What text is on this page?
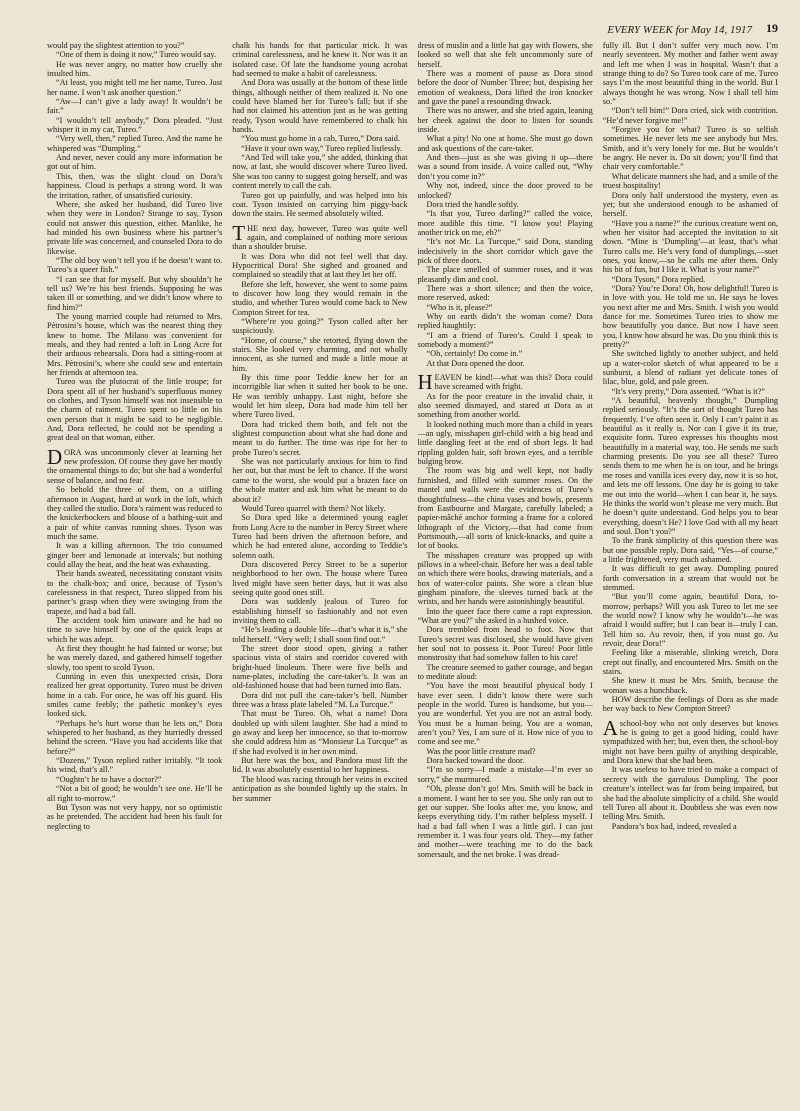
EVERY WEEK for May 14, 1917 19

would pay the slightest attention to you?”

“One of them is doing it now,” Tureo would say.

He was never angry, no matter how cruelly she insulted him.

“At least, you might tell me her name, Tureo. Just her name. I won’t ask another question.”

“Aw—I can’t give a lady away! It wouldn’t be fair.”

“I wouldn’t tell anybody,” Dora pleaded. “Just whisper it in my car, Tureo.”

“Very well, then,” replied Tureo. And the name he whispered was “Dumpling.”

And never, never could any more information be got out of him.

This, then, was the slight cloud on Dora’s happiness. Cloud is perhaps a strong word. It was the irritation, rather, of unsatisfied curiosity.

Where, she asked her husband, did Tureo live when they were in London? Strange to say, Tyson could not answer this question, either. Manlike, he had minded his own business where his partner’s private life was concerned, and counseled Dora to do likewise.

“The old boy won’t tell you if he doesn’t want to. Tureo’s a queer fish.”

“I can see that for myself. But why shouldn’t he tell us? We’re his best friends. Supposing he was taken ill or something, and we didn’t know where to find him?”

The young married couple had returned to Mrs. Pètrosini’s house, which was the nearest thing they knew to home. The Milano was convenient for meals, and they had rented a loft in Long Acre for their arduous rehearsals. Dora had a sitting-room at Mrs. Pètrosini’s, where she could sew and entertain her friends at afternoon tea.

Tureo was the plutocrat of the little troupe; for Dora spent all of her husband’s superfluous money on clothes, and Tyson himself was not insensible to the charm of raiment. Tureo spent so little on his own person that it might be said to be negligible. And, Dora reflected, he could not be spending a great deal on that woman, either.

DORA was uncommonly clever at learning her new profession. Of course they gave her mostly the ornamental things to do; but she had a wonderful sense of balance, and no fear.

So behold the three of them, on a stifling afternoon in August, hard at work in the loft, which they called the studio. Dora’s raiment was reduced to the knickerbockers and blouse of a bathing-suit and a pair of white canvas running shoes. Tyson was much the same.

It was a killing afternoon. The trio consumed ginger beer and lemonade at intervals; but nothing could allay the heat, and the heat was exhausting.

Their hands sweated, necessitating constant visits to the chalk-box; and once, because of Tyson’s carelessness in that respect, Tureo slipped from his partner’s grasp when they were swinging from the trapeze, and had a bad fall.

The accident took him unaware and he had no time to save himself by one of the quick leaps at which he was adept.

At first they thought he had fainted or worse; but he was merely dazed, and gathered himself together slowly, too spent to scold Tyson.

Cunning in even this unexpected crisis, Dora realized her great opportunity. Tureo must be driven home in a cab. For once, he was off his guard. His smiles came feebly; the pathetic monkey’s eyes looked sick.

“Perhaps he’s hurt worse than he lets on,” Dora whispered to her husband, as they hurriedly dressed behind the screen. “Have you had accidents like that before?”

“Dozens,” Tyson replied rather irritably. “It took his wind, that’s all.”

“Oughtn’t he to have a doctor?”

“Not a bit of good; he wouldn’t see one. He’ll be all right to-morrow.”

But Tyson was not very happy, nor so optimistic as he pretended. The accident had been his fault for neglecting to

chalk his hands for that particular trick. It was criminal carelessness, and he knew it. Nor was it an isolated case. Of late the handsome young acrobat had seemed to make a habit of carelessness.

And Dora was usually at the bottom of these little things, although neither of them realized it. No one could have blamed her for Tureo’s fall; but if she had not claimed his attention just as he was getting ready, Tyson would have remembered to chalk his hands.

“You must go home in a cab, Tureo,” Dora said.

“Have it your own way,” Tureo replied listlessly.

“And Ted will take you,” she added, thinking that now, at last, she would discover where Tureo lived. She was too canny to suggest going herself, and was content merely to call the cab.

Tureo got up painfully, and was helped into his coat. Tyson insisted on carrying him piggy-back down the stairs. He seemed absolutely wilted.

THE next day, however, Tureo was quite well again, and complained of nothing more serious than a shoulder bruise.

It was Dora who did not feel well that day. Hypocritical Dora! She sighed and groaned and complained so steadily that at last they let her off.

Before she left, however, she went to some pains to discover how long they would remain in the studio, and whether Tureo would come back to New Compton Street for tea.

“Where’re you going?” Tyson called after her suspiciously.

“Home, of course,” she retorted, flying down the stairs. She looked very charming, and not wholly innocent, as she turned and made a little moue at him.

By this time poor Teddie knew her for an incorrigible liar when it suited her book to be one. He was terribly unhappy. Last night, before she would let him sleep, Dora had made him tell her where Tureo lived.

Dora had tricked them both, and felt not the slightest compunction about what she had done and meant to do further. The time was ripe for her to probe Tureo’s secret.

She was not particularly anxious for him to find her out, but that must be left to chance. If the worst came to the worst, she would put a brazen face on the whole matter and ask him what he meant to do about it?

Would Tureo quarrel with them? Not likely.

So Dora sped like a determined young eaglet from Long Acre to the number in Percy Street where Tureo had been driven the afternoon before, and which he had entered alone, according to Teddie’s solemn oath.

Dora discovered Percy Street to be a superior neighborhood to her own. The house where Tureo lived might have seen better days, but it was also seeing quite good ones still.

Dora was suddenly jealous of Tureo for establishing himself so fashionably and not even inviting them to call.

“He’s leading a double life—that’s what it is,” she told herself. “Very well; I shall soon find out.”

The street door stood open, giving a rather spacious vista of stairs and corridor covered with bright-hued linoleum. There were five bells and name-plates, including the care-taker’s. It was an old-fashioned house that had been turned into flats.

Dora did not pull the care-taker’s bell. Number three was a brass plate labeled “M. La Turcque.”

That must be Tureo. Oh, what a name! Dora doubled up with silent laughter. She had a mind to go away and keep her innocence, so that to-morrow she could address him as “Monsieur La Turcque” as if she had evolved it in her own mind.

But here was the box, and Pandora must lift the lid. It was absolutely essential to her happiness.

The blood was racing through her veins in excited anticipation as she bounded lightly up the stairs. In her summer

dress of muslin and a little hat gay with flowers, she looked so well that she felt uncommonly sure of herself.

There was a moment of pause as Dora stood before the door of Number Three; but, despising her emotion of weakness, Dora lifted the iron knocker and gave the panel a resounding thwack.

There was no answer, and she tried again, leaning her cheek against the door to listen for sounds inside.

What a pity! No one at home. She must go down and ask questions of the care-taker.

And then—just as she was giving it up—there was a sound from inside. A voice called out, “Why don’t you come in?”

Why not, indeed, since the door proved to be unlocked?

Dora tried the handle softly.

“Is that you, Tureo darling?” called the voice, more audible this time. “I know you! Playing another trick on me, eh?”

“It’s not Mr. La Turcque,” said Dora, standing indecisively in the short corridor which gave the pick of three doors.

The place smelled of summer roses, and it was pleasantly dim and cool.

There was a short silence; and then the voice, more reserved, asked:

“Who is it, please?”

Why on earth didn’t the woman come? Dora replied haughtily:

“I am a friend of Tureo’s. Could I speak to somebody a moment?”

“Oh, certainly! Do come in.”

At that Dora opened the door.

HEAVEN be kind!—what was this? Dora could have screamed with fright.

As for the poor creature in the invalid chair, it also seemed dismayed, and stared at Dora as at something from another world.

It looked nothing much more than a child in years—an ugly, misshapen girl-child with a big head and little dangling feet at the end of short legs. It had rippling golden hair, soft brown eyes, and a terrible bulging brow.

The room was big and well kept, not badly furnished, and filled with summer roses. On the mantel and walls were the evidences of Tureo’s thoughtfulness—the china vases and bowls, presents from Eastbourne and Margate, carefully labeled; a papier-mâché anchor forming a frame for a colored lithograph of the Victory,—that had come from Portsmouth,—all sorts of knick-knacks, and quite a lot of books.

The misshapen creature was propped up with pillows in a wheel-chair. Before her was a deal table on which there were books, drawing materials, and a box of water-color paints. She wore a clean blue gingham pinafore, the sleeves turned back at the wrists, and her hands were astonishingly beautiful.

Into the queer face there came a rapt expression. “What are you?” she asked in a hushed voice.

Dora trembled from head to foot. Now that Tureo’s secret was disclosed, she would have given her soul not to possess it. Poor Tureo! Poor little monstrosity that had somehow fallen to his care!

The creature seemed to gather courage, and began to meditate aloud:

“You have the most beautiful physical body I have ever seen. I didn’t know there were such people in the world. Tureo is handsome, but you—you are wonderful. Yet you are not an astral body. You must be a human being. You are a woman, aren’t you? Yes, I am sure of it. How nice of you to come and see me.”

Was the poor little creature mad?

Dora backed toward the door.

“I’m so sorry—I made a mistake—I’m ever so sorry,” she murmured.

“Oh, please don’t go! Mrs. Smith will be back in a moment. I want her to see you. She only ran out to get our supper. She looks after me, you know, and keeps everything tidy. I’m rather helpless myself. I had a bad fall when I was a little girl. I can just remember it. I was four years old. They—my father and mother—were teaching me to do the back somersault, and the net broke. I was dread-

fully ill. But I don’t suffer very much now. I’m nearly seventeen. My mother and father went away and left me when I was in hospital. Wasn’t that a strange thing to do? So Tureo took care of me. Tureo says I’m the most beautiful thing in the world. But I always thought he was wrong. Now I shall tell him so.”

“Don’t tell him!” Dora cried, sick with contrition. “He’d never forgive me!”

“Forgive you for what? Tureo is so selfish sometimes. He never lets me see anybody but Mrs. Smith, and it’s very lonely for me. But he wouldn’t be angry. He never is. Do sit down; you’ll find that chair very comfortable.”

What delicate manners she had, and a smile of the truest hospitality!

Dora only half understood the mystery, even as yet; but she understood enough to be ashamed of herself.

“Have you a name?” the curious creature went on, when her visitor had accepted the invitation to sit down. “Mine is ‘Dumpling’—at least, that’s what Tureo calls me. He’s very fond of dumplings,—suet ones, you know,—so he calls me after them. Only his bit of fun, but I like it. What is your name?”

“Dora Tyson,” Dora replied.

“Dora? You’re Dora! Oh, how delightful! Tureo is in love with you. He told me so. He says he loves you next after me and Mrs. Smith. I wish you would dance for me. Sometimes Tureo tries to show me how beautifully you dance. But now I have seen you, I know how absurd he was. Do you think this is pretty?”

She switched lightly to another subject, and held up a water-color sketch of what appeared to be a sunburst, a blend of radiant yet delicate tones of lilac, blue, gold, and pale green.

“It’s very pretty,” Dora assented. “What is it?”

“A beautiful, heavenly thought,” Dumpling replied seriously. “It’s the sort of thought Tureo has frequently. I’ve often seen it. Only I can’t paint it as beautiful as it really is. Nor can I give it its true, exquisite form. Tureo expresses his thoughts most beautifully in a material way, too. He sends me such charming presents. Do you see all these? Tureo sends them to me when he is on tour, and he brings me roses and vanilla ices every day, now it is so hot, and lets me off lessons. One day he is going to take me out into the world—when I can bear it, he says. He thinks the world won’t please me very much. But he doesn’t quite understand. God helps you to bear everything, doesn’t He? I love God with all my heart and soul. Don’t you?”

To the frank simplicity of this question there was but one possible reply. Dora said, “Yes—of course,” a little frightened, very much ashamed.

It was difficult to get away. Dumpling poured forth conversation in a stream that would not be stemmed.

“But you’ll come again, beautiful Dora, to-morrow, perhaps? Will you ask Tureo to let me see the world now? I know why he wouldn’t—he was afraid I would suffer; but I can bear it—truly I can. Tell him so. Au revoir, then, if you must go. Au revoir, dear Dora!”

Feeling like a miserable, slinking wretch, Dora crept out finally, and encountered Mrs. Smith on the stairs.

She knew it must be Mrs. Smith, because the woman was a hunchback.

HOW describe the feelings of Dora as she made her way back to New Compton Street?

Aschool-boy who not only deserves but knows he is going to get a good hiding, could have sympathized with her; but, even then, the school-boy might not have been guilty of anything despicable, and Dora knew that she had been.

It was useless to have tried to make a compact of secrecy with the garrulous Dumpling. The poor creature’s intellect was far from being impaired, but she had the absolute simplicity of a child. She would tell Tureo all about it. Doubtless she was even now telling Mrs. Smith.

Pandora’s box had, indeed, revealed a
